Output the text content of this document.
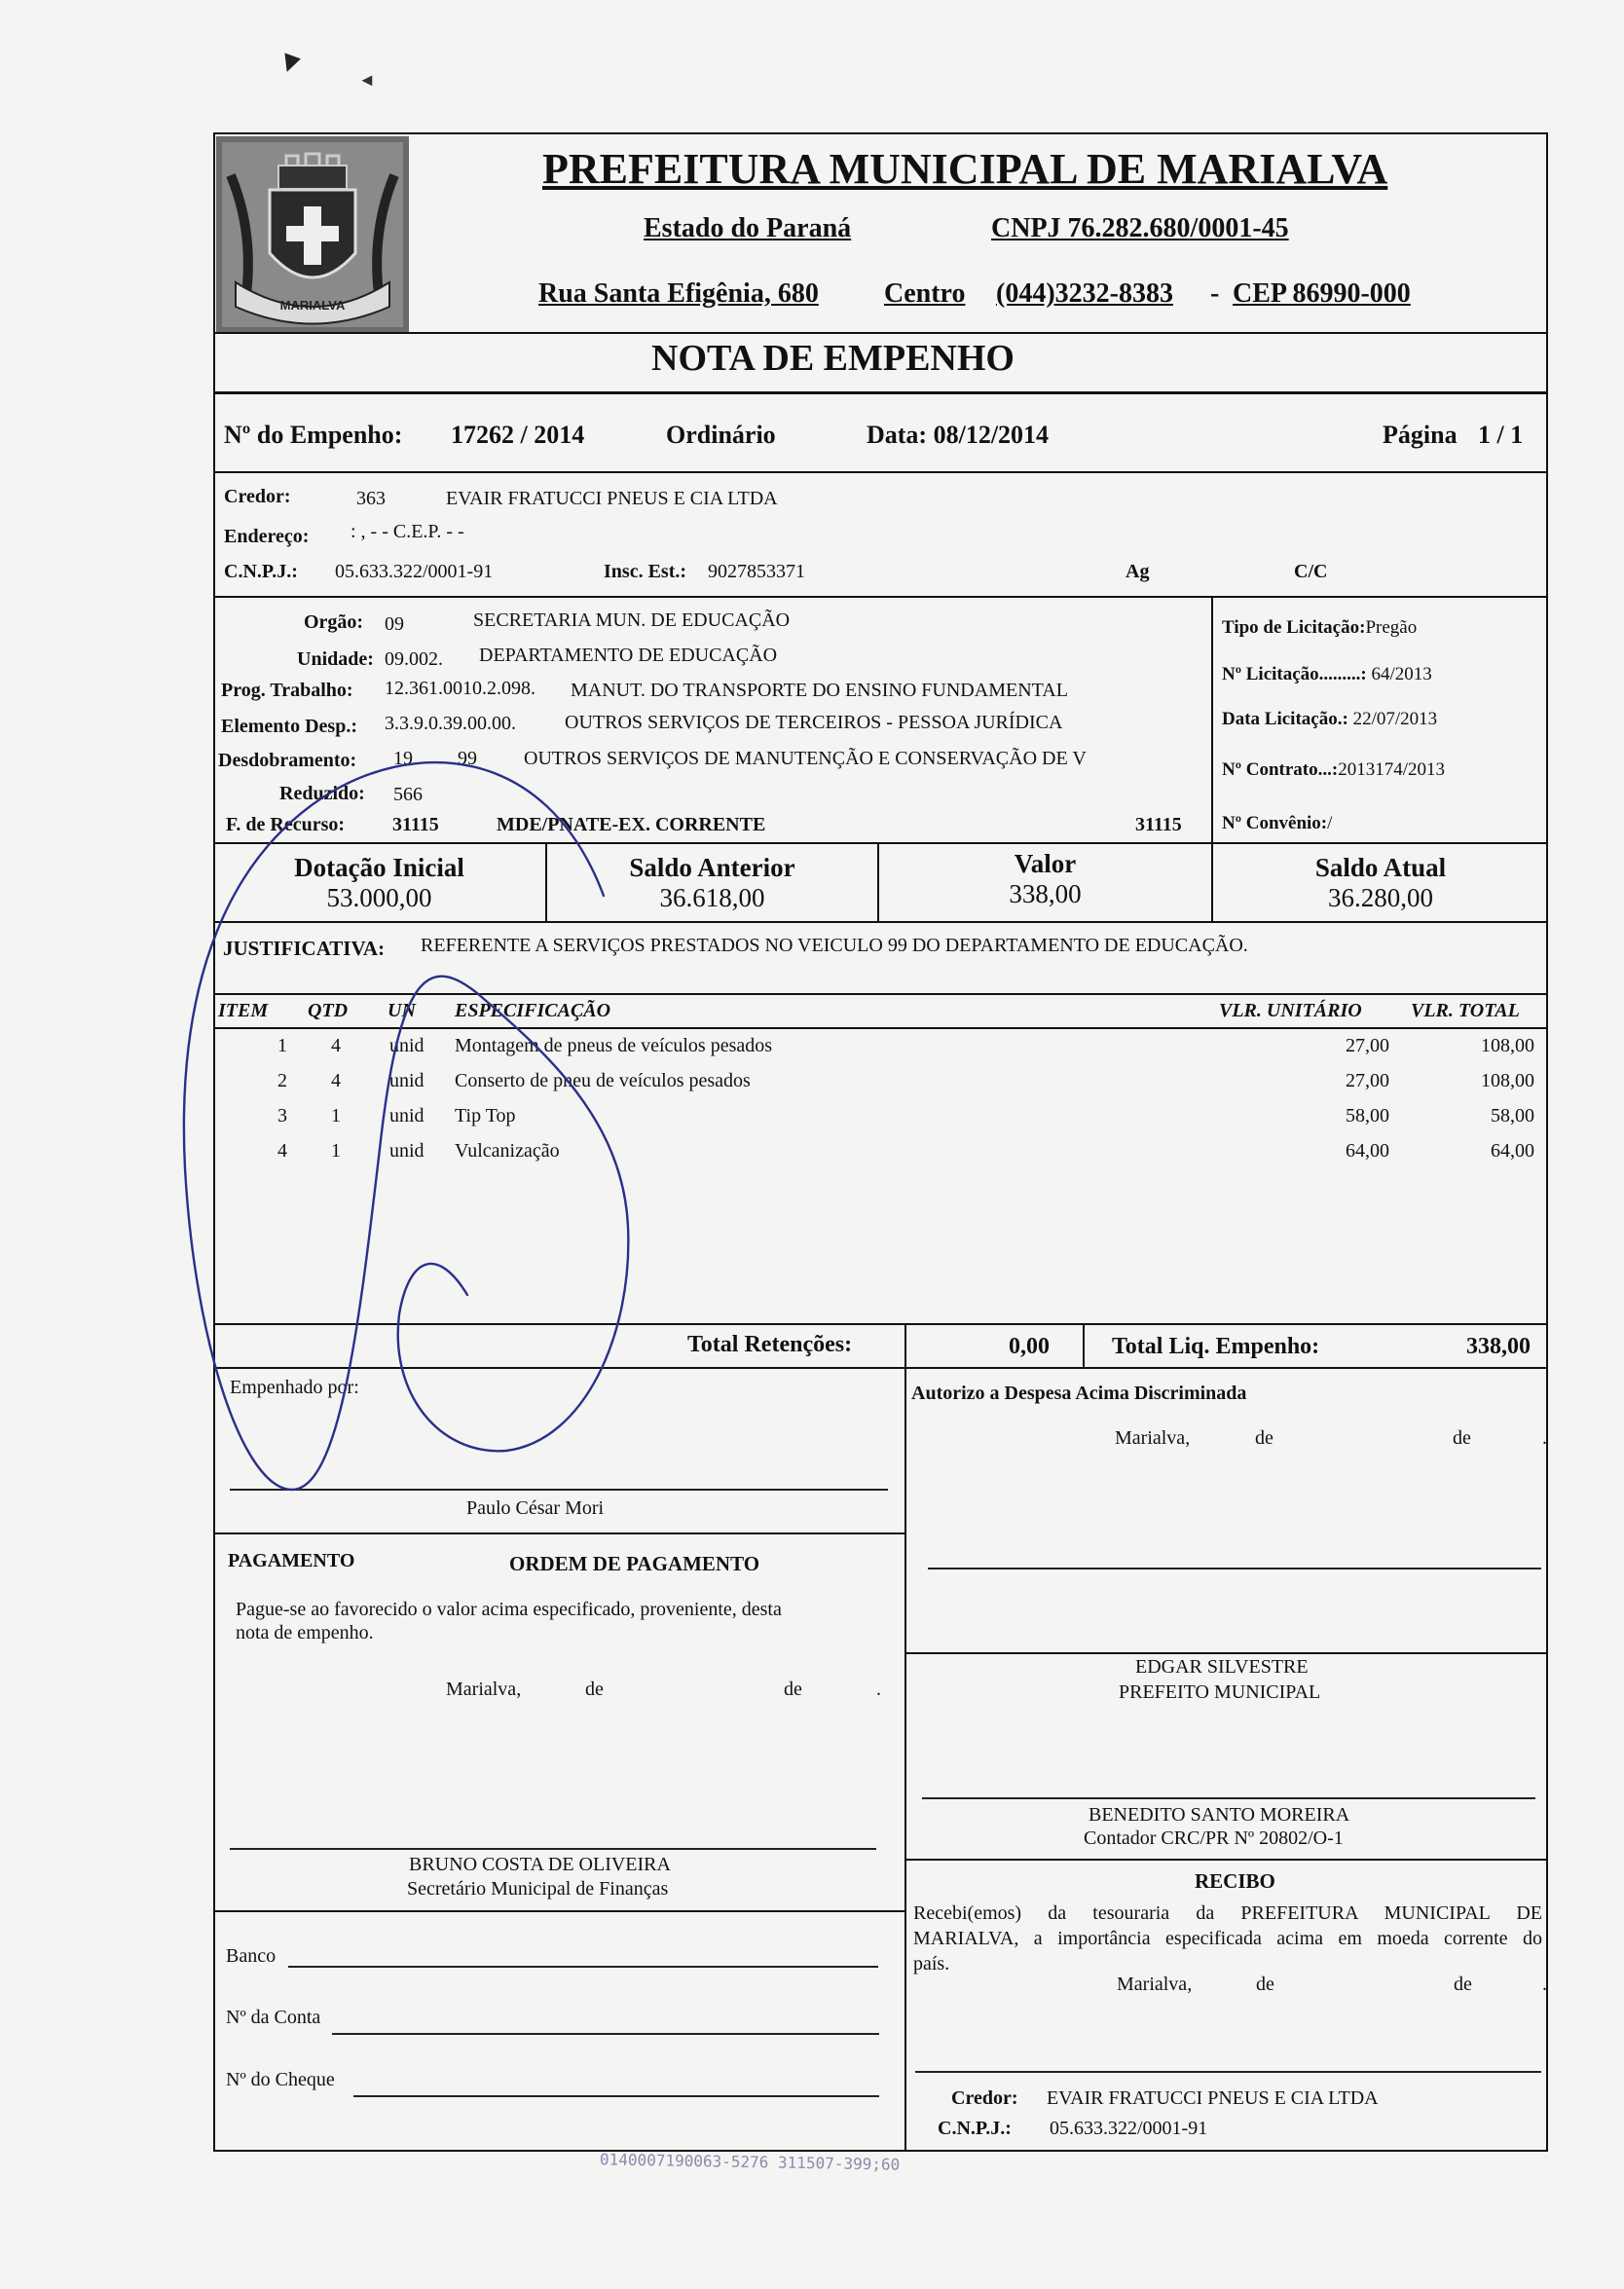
▼	◄
MARIALVA
PREFEITURA MUNICIPAL DE MARIALVA
Estado do Paraná	CNPJ 76.282.680/0001-45
Rua Santa Efigênia, 680 Centro (044)3232-8383 - CEP 86990-000
NOTA DE EMPENHO
Nº do Empenho: 17262 / 2014	Ordinário	Data: 08/12/2014	Página 1 / 1
Credor:	363	EVAIR FRATUCCI PNEUS E CIA LTDA
Endereço: : , - - C.E.P. - -
C.N.P.J.: 05.633.322/0001-91	Insc. Est.: 9027853371	Ag	C/C
Orgão: 09	SECRETARIA MUN. DE EDUCAÇÃO
Unidade: 09.002. DEPARTAMENTO DE EDUCAÇÃO
Prog. Trabalho: 12.361.0010.2.098. MANUT. DO TRANSPORTE DO ENSINO FUNDAMENTAL
Elemento Desp.: 3.3.9.0.39.00.00.	OUTROS SERVIÇOS DE TERCEIROS - PESSOA JURÍDICA
Desdobramento: 19 99 OUTROS SERVIÇOS DE MANUTENÇÃO E CONSERVAÇÃO DE V
Reduzido: 566
F. de Recurso: 31115	MDE/PNATE-EX. CORRENTE	31115
Tipo de Licitação:Pregão
Nº Licitação.........: 64/2013
Data Licitação.: 22/07/2013
Nº Contrato...:2013174/2013
Nº Convênio:/
Dotação Inicial
53.000,00
Saldo Anterior
36.618,00
Valor
338,00
Saldo Atual
36.280,00
JUSTIFICATIVA: REFERENTE A SERVIÇOS PRESTADOS NO VEICULO 99 DO DEPARTAMENTO DE EDUCAÇÃO.
ITEM QTD UN ESPECIFICAÇÃO	VLR. UNITÁRIO	VLR. TOTAL
1 4	unid Montagem de pneus de veículos pesados	27,00	108,00
2 4	unid Conserto de pneu de veículos pesados	27,00	108,00
3 1	unid Tip Top	58,00	58,00
4 1	unid Vulcanização	64,00	64,00
Total Retenções:	0,00	Total Liq. Empenho:	338,00
Empenhado por:
Paulo César Mori
Autorizo a Despesa Acima Discriminada
Marialva,	de	de	.
EDGAR SILVESTRE
PREFEITO MUNICIPAL
BENEDITO SANTO MOREIRA
Contador CRC/PR Nº 20802/O-1
RECIBO
Recebi(emos) da tesouraria da PREFEITURA MUNICIPAL DE
MARIALVA, a importância especificada acima em moeda corrente do
país.
Marialva,	de	de	.
Credor: EVAIR FRATUCCI PNEUS E CIA LTDA
C.N.P.J.: 05.633.322/0001-91
PAGAMENTO	ORDEM DE PAGAMENTO
Pague-se ao favorecido o valor acima especificado, proveniente, desta
nota de empenho.
Marialva,	de	de	.
BRUNO COSTA DE OLIVEIRA
Secretário Municipal de Finanças
Banco
Nº da Conta
Nº do Cheque
0140007190063-5276 311507-399;60
